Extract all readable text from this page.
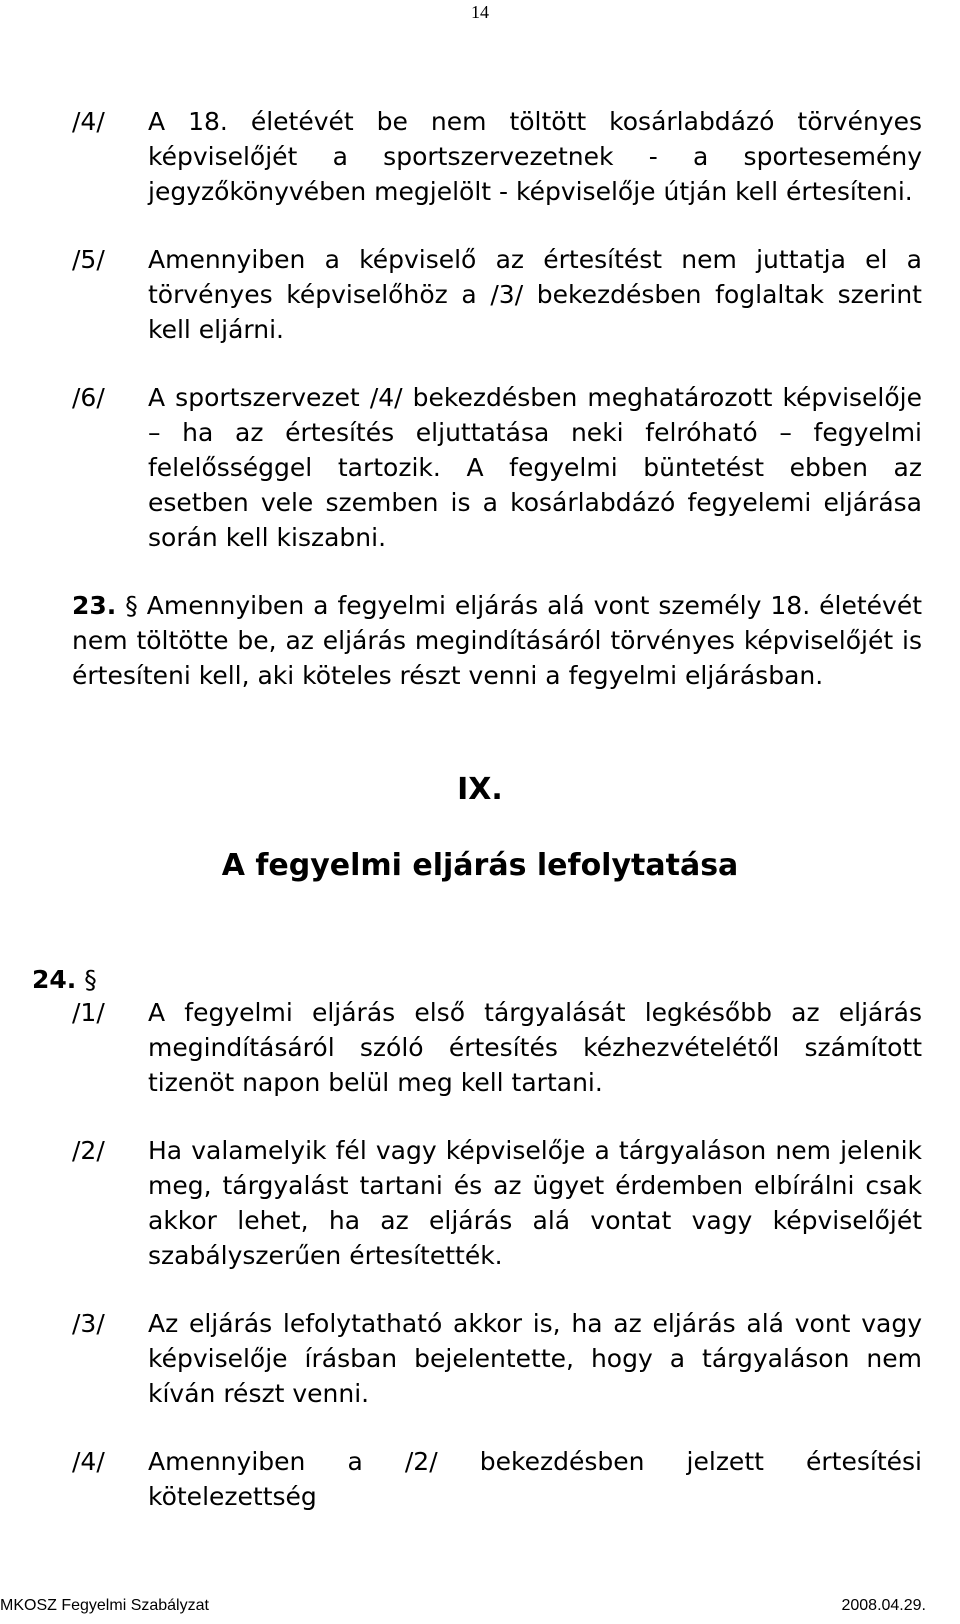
14
/4/	A 18. életévét be nem töltött kosárlabdázó törvényes képviselőjét a sportszervezetnek - a sportesemény jegyzőkönyvében megjelölt - képviselője útján kell értesíteni.
/5/	Amennyiben a képviselő az értesítést nem juttatja el a törvényes képviselőhöz a /3/ bekezdésben foglaltak szerint kell eljárni.
/6/	A sportszervezet /4/ bekezdésben meghatározott képviselője – ha az értesítés eljuttatása neki felróható – fegyelmi felelősséggel tartozik. A fegyelmi büntetést ebben az esetben vele szemben is a kosárlabdázó fegyelemi eljárása során kell kiszabni.
23. § Amennyiben a fegyelmi eljárás alá vont személy 18. életévét nem töltötte be, az eljárás megindításáról törvényes képviselőjét is értesíteni kell, aki köteles részt venni a fegyelmi eljárásban.
IX.
A fegyelmi eljárás lefolytatása
24. §
/1/	A fegyelmi eljárás első tárgyalását legkésőbb az eljárás megindításáról szóló értesítés kézhezvételétől számított tizenöt napon belül meg kell tartani.
/2/	Ha valamelyik fél vagy képviselője a tárgyaláson nem jelenik meg, tárgyalást tartani és az ügyet érdemben elbírálni csak akkor lehet, ha az eljárás alá vontat vagy képviselőjét szabályszerűen értesítették.
/3/	Az eljárás lefolytatható akkor is, ha az eljárás alá vont vagy képviselője írásban bejelentette, hogy a tárgyaláson nem kíván részt venni.
/4/	Amennyiben a /2/ bekezdésben jelzett értesítési kötelezettség
MKOSZ Fegyelmi Szabályzat	2008.04.29.
